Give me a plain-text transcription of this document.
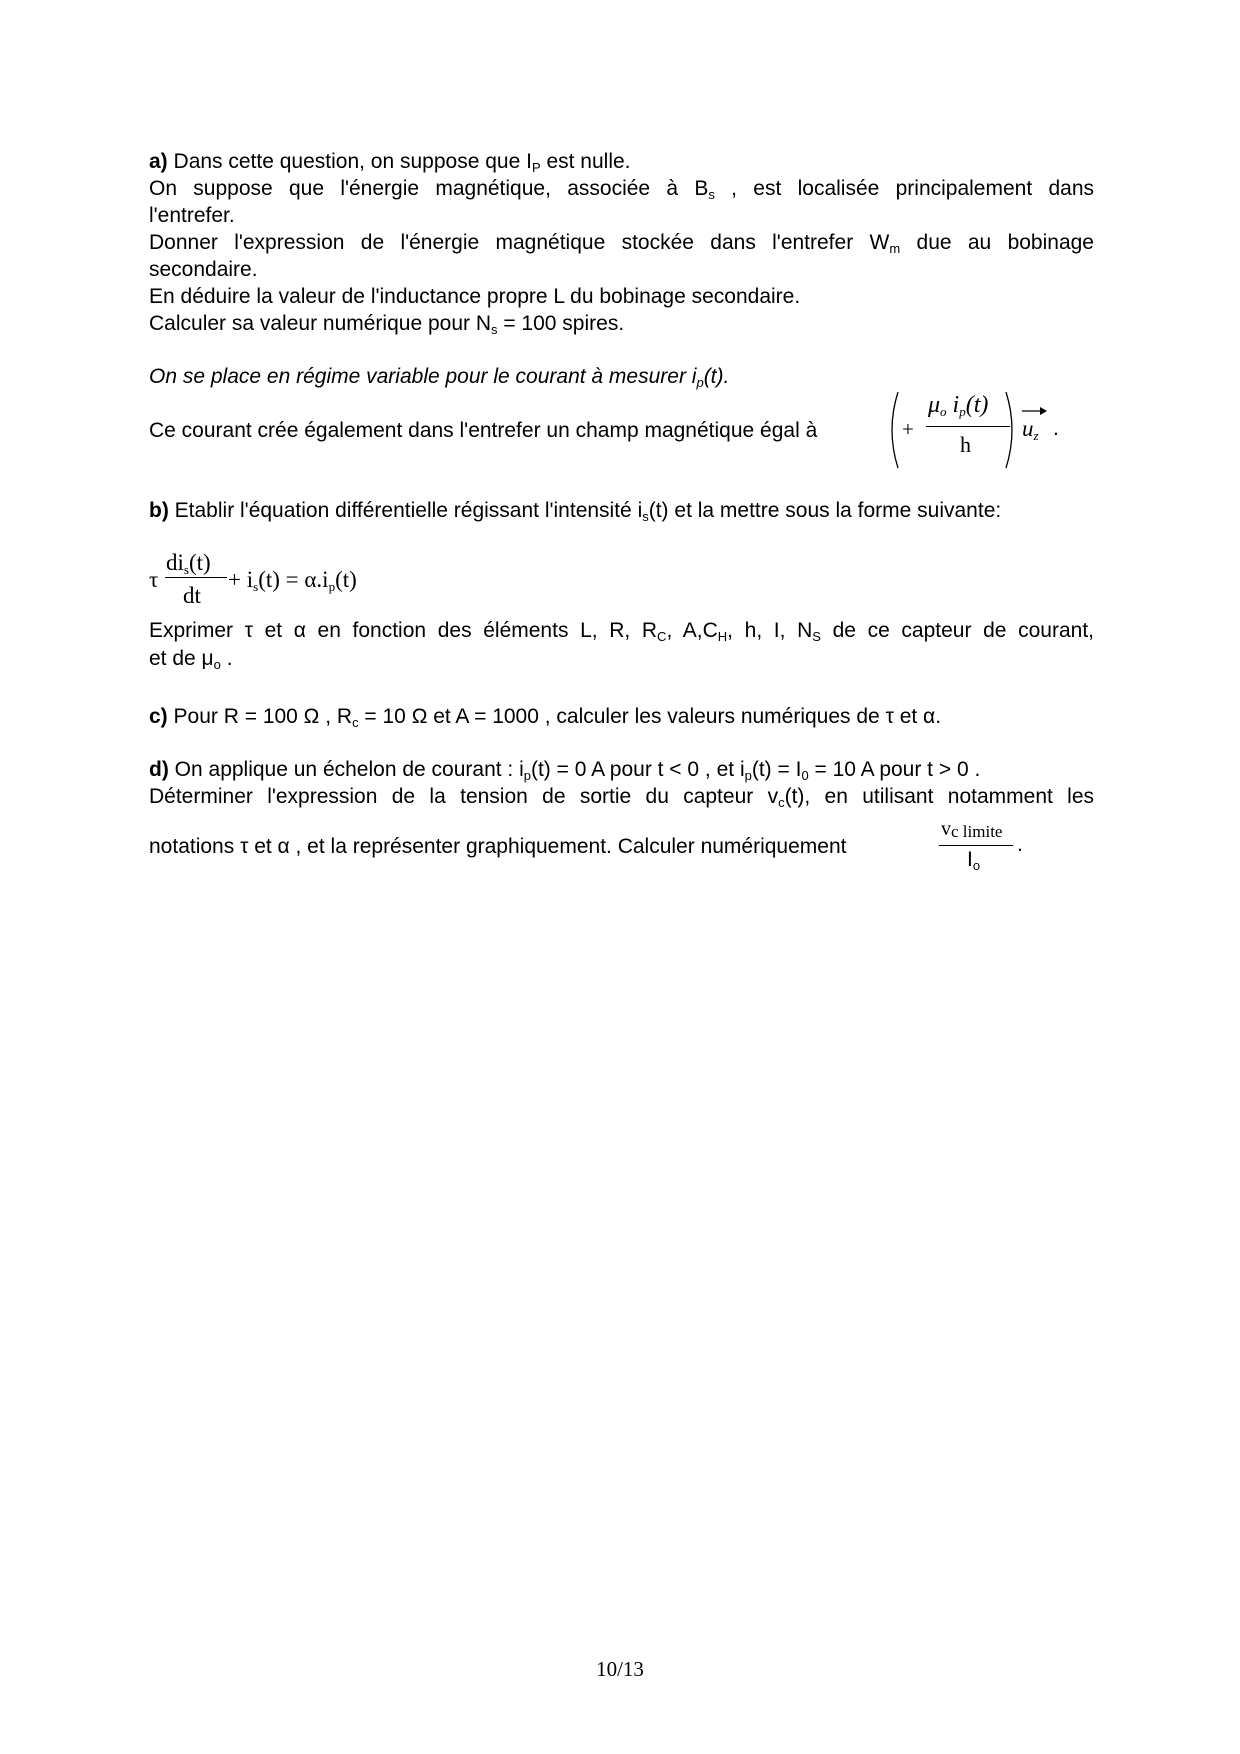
a) Dans cette question, on suppose que $I_P$ est nulle.
On suppose que l'énergie magnétique, associée à $B_s$ , est localisée principalement dans
l'entrefer.
Donner l'expression de l'énergie magnétique stockée dans l'entrefer $W_m$ due au bobinage
secondaire.
En déduire la valeur de l'inductance propre L du bobinage secondaire.
Calculer sa valeur numérique pour $N_s = 100$ spires.
On se place en régime variable pour le courant à mesurer $i_p(t)$.
Ce courant crée également dans l'entrefer un champ magnétique égal à	+
$\mu_o$ $i_p(t)$
h
$u_z$ .
b) Etablir l'équation différentielle régissant l'intensité $i_s(t)$ et la mettre sous la forme suivante:
τ
$di_s(t)$
dt
+ $i_s(t) = \alpha.i_p(t)$
Exprimer τ et α en fonction des éléments L, R, $R_C$, $A,C_H$, h, I, $N_S$ de ce capteur de courant,
et de $\mu_o$ .
c) Pour R = 100 Ω , $R_c = 10$ Ω et A = 1000 , calculer les valeurs numériques de τ et α.
d) On applique un échelon de courant : $i_p(t) = 0$ A pour t < 0 , et $i_p(t) = I_0 = 10$ A pour t > 0 .
Déterminer l'expression de la tension de sortie du capteur $v_c(t)$, en utilisant notamment les
notations τ et α , et la représenter graphiquement. Calculer numériquement
vc limite
$I_o$
.
10/13
